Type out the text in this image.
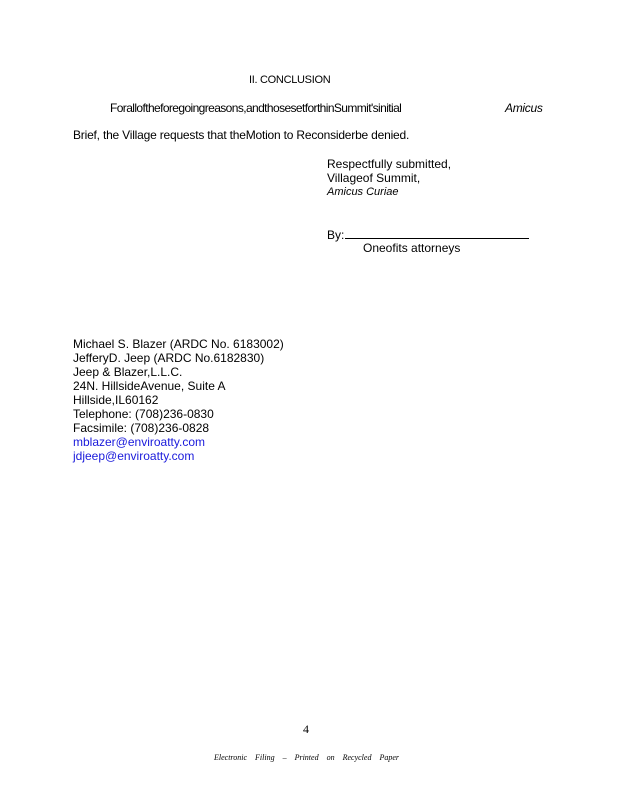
II. CONCLUSION
Foralloftheforegoingreasons,andthosesetforthinSummit'sinitial	Amicus
Brief, the Village requests that theMotion to Reconsiderbe denied.
Respectfully submitted,
Villageof Summit,
Amicus Curiae
By:
Oneofits attorneys
Michael S. Blazer (ARDC No. 6183002)
JefferyD. Jeep (ARDC No.6182830)
Jeep & Blazer,L.L.C.
24N. HillsideAvenue, Suite A
Hillside,IL60162
Telephone: (708)236-0830
Facsimile: (708)236-0828
mblazer@enviroatty.com
jdjeep@enviroatty.com
4
Electronic Filing – Printed on Recycled Paper
